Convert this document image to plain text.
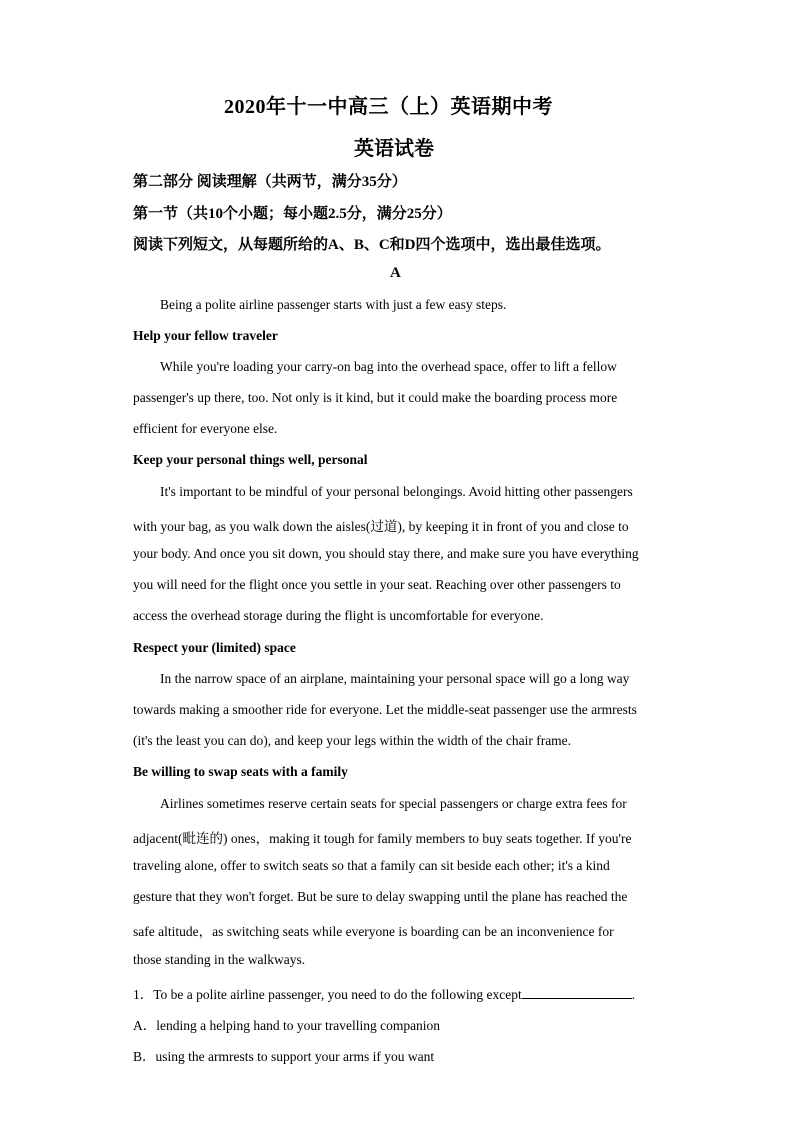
2020年十一中高三（上）英语期中考
英语试卷
第二部分 阅读理解（共两节，满分35分）
第一节（共10个小题；每小题2.5分，满分25分）
阅读下列短文，从每题所给的A、B、C和D四个选项中，选出最佳选项。
A
Being a polite airline passenger starts with just a few easy steps.
Help your fellow traveler
While you're loading your carry-on bag into the overhead space, offer to lift a fellow
passenger's up there, too. Not only is it kind, but it could make the boarding process more
efficient for everyone else.
Keep your personal things well, personal
It's important to be mindful of your personal belongings. Avoid hitting other passengers
with your bag, as you walk down the aisles(过道), by keeping it in front of you and close to
your body. And once you sit down, you should stay there, and make sure you have everything
you will need for the flight once you settle in your seat. Reaching over other passengers to
access the overhead storage during the flight is uncomfortable for everyone.
Respect your (limited) space
In the narrow space of an airplane, maintaining your personal space will go a long way
towards making a smoother ride for everyone. Let the middle-seat passenger use the armrests
(it's the least you can do), and keep your legs within the width of the chair frame.
Be willing to swap seats with a family
Airlines sometimes reserve certain seats for special passengers or charge extra fees for
adjacent(毗连的) ones，making it tough for family members to buy seats together. If you're
traveling alone, offer to switch seats so that a family can sit beside each other; it's a kind
gesture that they won't forget. But be sure to delay swapping until the plane has reached the
safe altitude，as switching seats while everyone is boarding can be an inconvenience for
those standing in the walkways.
1．To be a polite airline passenger, you need to do the following except	.
A．lending a helping hand to your travelling companion
B．using the armrests to support your arms if you want
